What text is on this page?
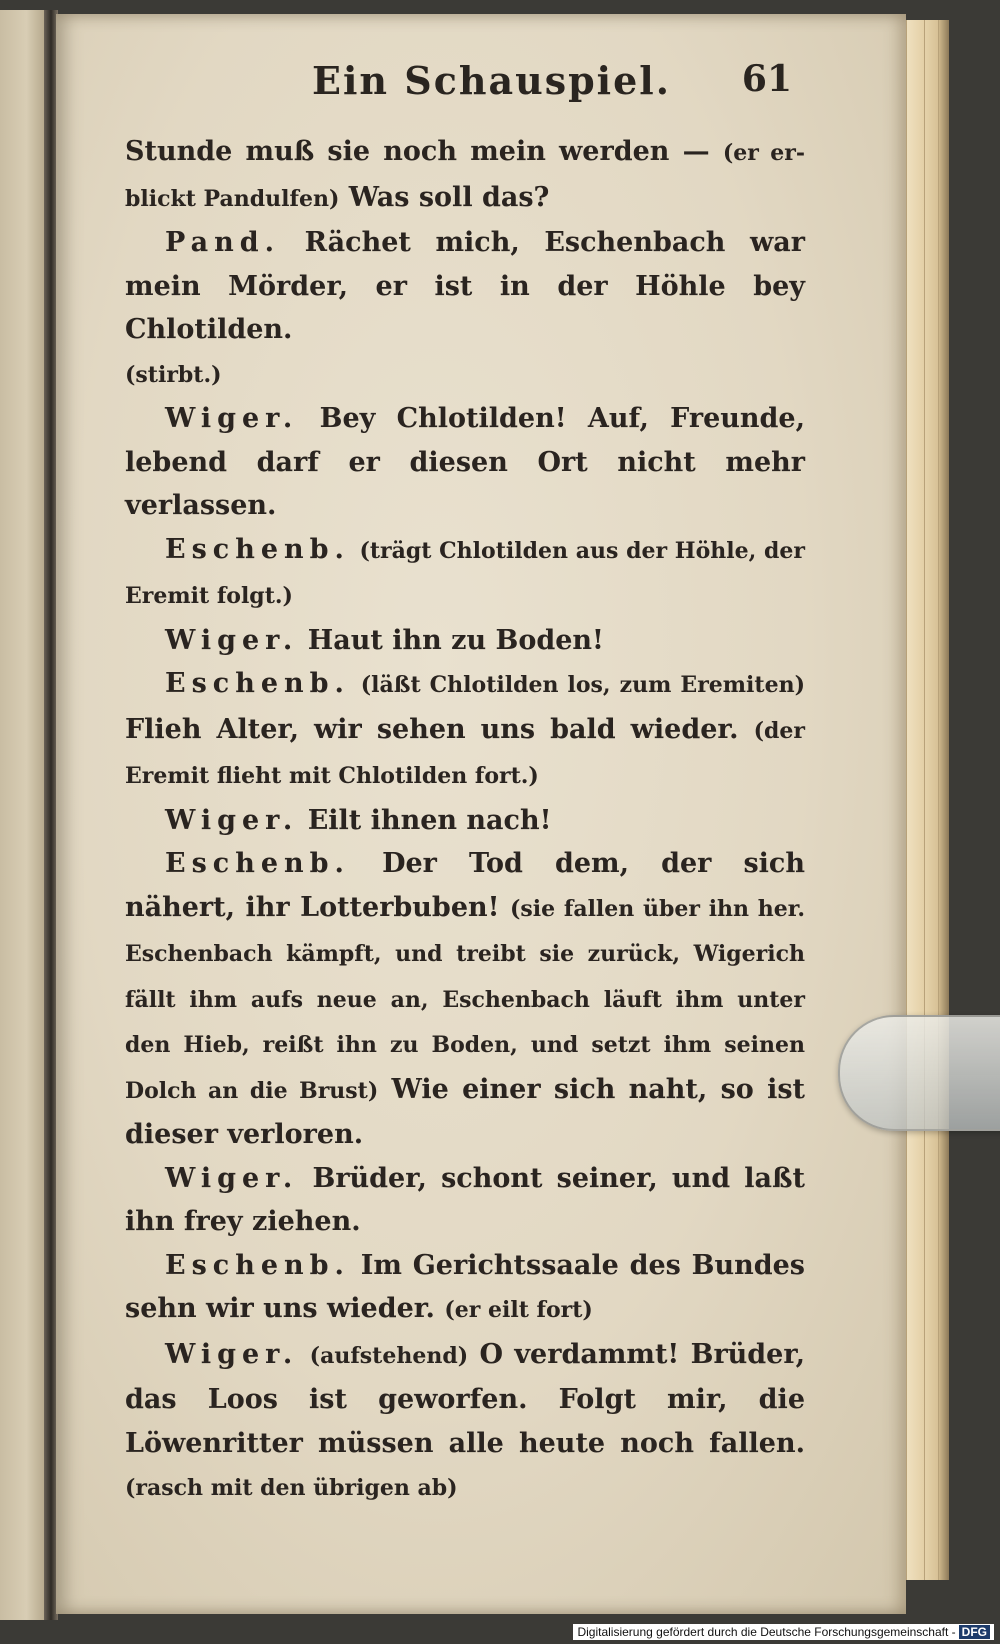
Ein Schauspiel. 61

Stunde muß sie noch mein werden — (er er- blickt Pandulfen) Was soll das?

Pand. Rächet mich, Eschenbach war mein Mörder, er ist in der Höhle bey Chlotilden.
(stirbt.)

Wiger. Bey Chlotilden! Auf, Freunde, lebend darf er diesen Ort nicht mehr verlassen.

Eschenb. (trägt Chlotilden aus der Höhle, der Eremit folgt.)

Wiger. Haut ihn zu Boden!

Eschenb. (läßt Chlotilden los, zum Eremiten) Flieh Alter, wir sehen uns bald wieder. (der Eremit flieht mit Chlotilden fort.)

Wiger. Eilt ihnen nach!

Eschenb. Der Tod dem, der sich nähert, ihr Lotterbuben! (sie fallen über ihn her. Eschenbach kämpft, und treibt sie zurück, Wigerich fällt ihm aufs neue an, Eschenbach läuft ihm unter den Hieb, reißt ihn zu Boden, und setzt ihm seinen Dolch an die Brust) Wie einer sich naht, so ist dieser verloren.

Wiger. Brüder, schont seiner, und laßt ihn frey ziehen.

Eschenb. Im Gerichtssaale des Bundes sehn wir uns wieder. (er eilt fort)

Wiger. (aufstehend) O verdammt! Brüder, das Loos ist geworfen. Folgt mir, die Löwenritter müssen alle heute noch fallen. (rasch mit den übrigen ab)

Digitalisierung gefördert durch die Deutsche Forschungsgemeinschaft - DFG
